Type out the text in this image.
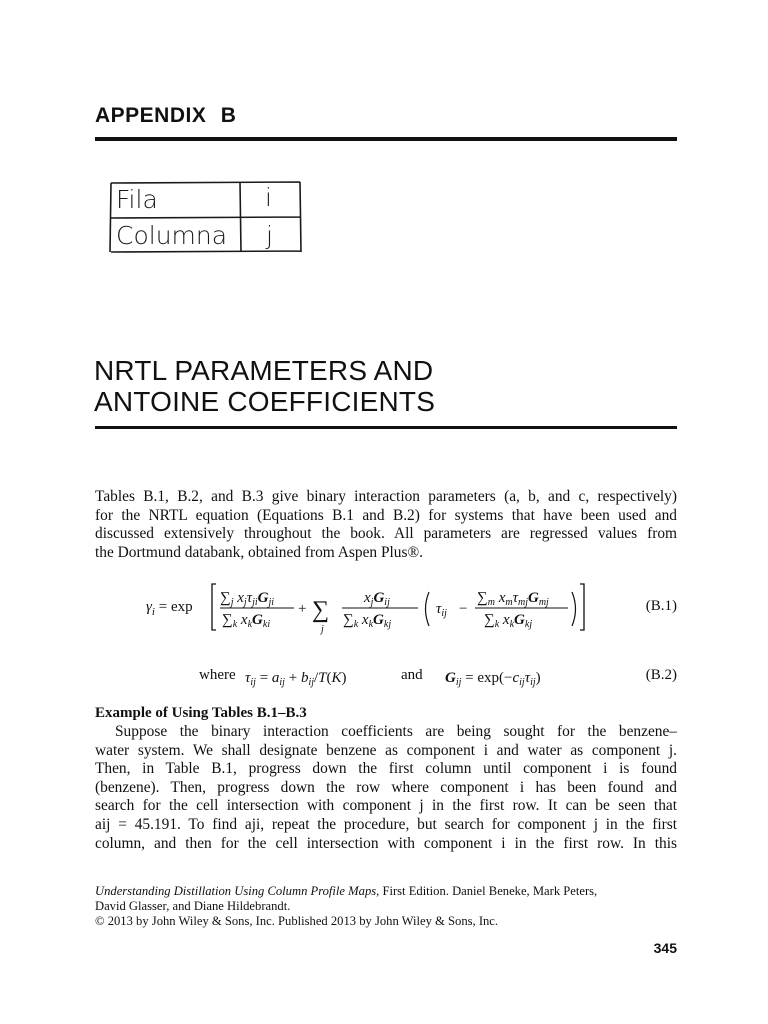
APPENDIX B
Fila	i
Columna j
NRTL PARAMETERS AND
ANTOINE COEFFICIENTS
Tables B.1, B.2, and B.3 give binary interaction parameters (a, b, and c, respectively)
for the NRTL equation (Equations B.1 and B.2) for systems that have been used and
discussed extensively throughout the book. All parameters are regressed values from
the Dortmund databank, obtained from Aspen Plus®.
$\gamma_i = \exp$
$\sum_j$ $x_j\tau_{ji}G_{ji}$
$\sum_k$ $x_kG_{ki}$
+ ∑
j
$x_jG_{ij}$
$\sum_k$ $x_kG_{kj}$
$\tau_{ij}$ −
$\sum_m$ $x_m\tau_{mj}G_{mj}$
$\sum_k$ $x_kG_{kj}$
(B.1)
where $\tau_{ij} = a_{ij} + b_{ij}/T(K)$	and $G_{ij} = \exp(-c_{ij}\tau_{ij})$	(B.2)
Example of Using Tables B.1–B.3
Suppose the binary interaction coefficients are being sought for the benzene–
water system. We shall designate benzene as component i and water as component j.
Then, in Table B.1, progress down the first column until component i is found
(benzene). Then, progress down the row where component i has been found and
search for the cell intersection with component j in the first row. It can be seen that
aij = 45.191. To find aji, repeat the procedure, but search for component j in the first
column, and then for the cell intersection with component i in the first row. In this
Understanding Distillation Using Column Profile Maps, First Edition. Daniel Beneke, Mark Peters,
David Glasser, and Diane Hildebrandt.
© 2013 by John Wiley & Sons, Inc. Published 2013 by John Wiley & Sons, Inc.
345
